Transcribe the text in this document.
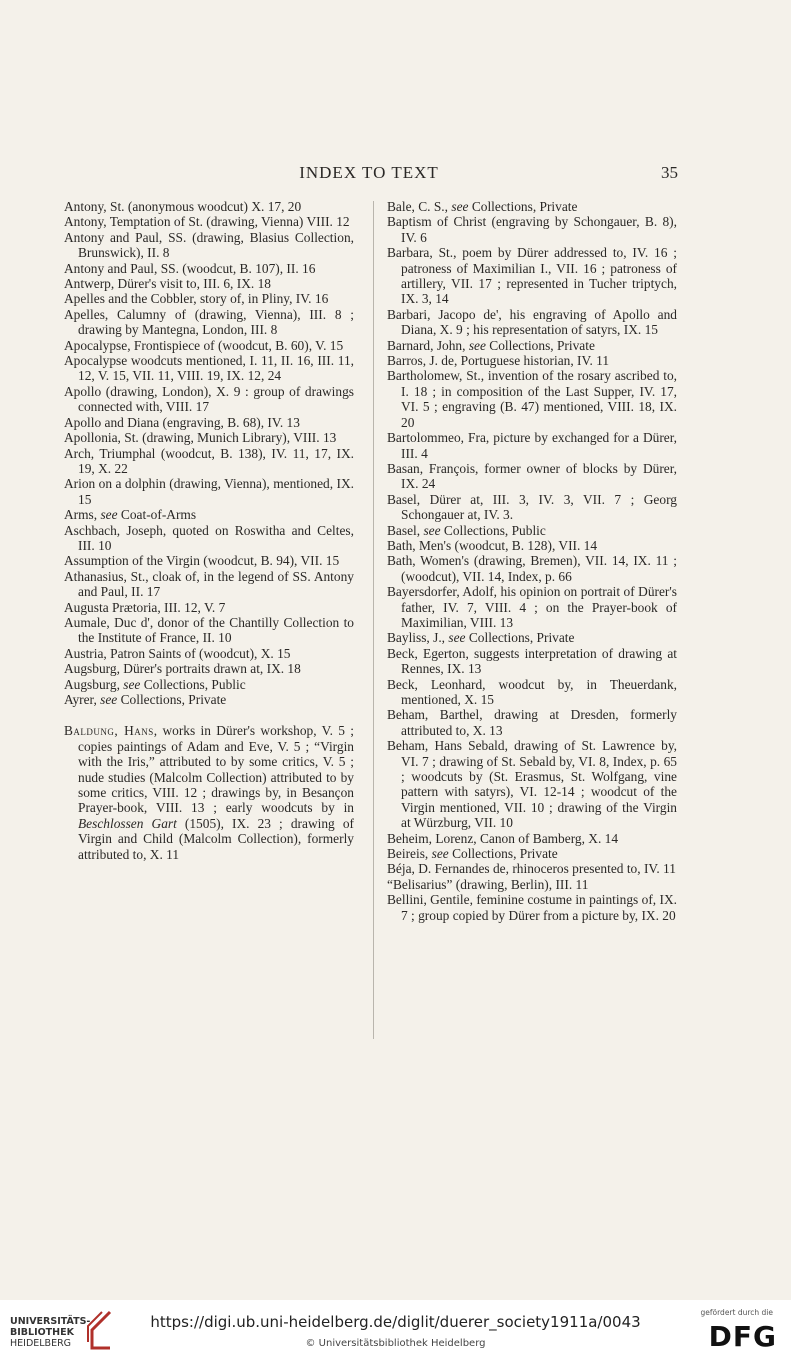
INDEX TO TEXT	35
Antony, St. (anonymous woodcut) X. 17, 20
Antony, Temptation of St. (drawing, Vienna) VIII. 12
Antony and Paul, SS. (drawing, Blasius Collection, Brunswick), II. 8
Antony and Paul, SS. (woodcut, B. 107), II. 16
Antwerp, Dürer's visit to, III. 6, IX. 18
Apelles and the Cobbler, story of, in Pliny, IV. 16
Apelles, Calumny of (drawing, Vienna), III. 8 ; drawing by Mantegna, London, III. 8
Apocalypse, Frontispiece of (woodcut, B. 60), V. 15
Apocalypse woodcuts mentioned, I. 11, II. 16, III. 11, 12, V. 15, VII. 11, VIII. 19, IX. 12, 24
Apollo (drawing, London), X. 9 : group of drawings connected with, VIII. 17
Apollo and Diana (engraving, B. 68), IV. 13
Apollonia, St. (drawing, Munich Library), VIII. 13
Arch, Triumphal (woodcut, B. 138), IV. 11, 17, IX. 19, X. 22
Arion on a dolphin (drawing, Vienna), mentioned, IX. 15
Arms, see Coat-of-Arms
Aschbach, Joseph, quoted on Roswitha and Celtes, III. 10
Assumption of the Virgin (woodcut, B. 94), VII. 15
Athanasius, St., cloak of, in the legend of SS. Antony and Paul, II. 17
Augusta Prætoria, III. 12, V. 7
Aumale, Duc d', donor of the Chantilly Collection to the Institute of France, II. 10
Austria, Patron Saints of (woodcut), X. 15
Augsburg, Dürer's portraits drawn at, IX. 18
Augsburg, see Collections, Public
Ayrer, see Collections, Private
Baldung, Hans, works in Dürer's workshop, V. 5 ; copies paintings of Adam and Eve, V. 5 ; “Virgin with the Iris,” attributed to by some critics, V. 5 ; nude studies (Malcolm Collection) attributed to by some critics, VIII. 12 ; drawings by, in Besançon Prayer-book, VIII. 13 ; early woodcuts by in Beschlossen Gart (1505), IX. 23 ; drawing of Virgin and Child (Malcolm Collection), formerly attributed to, X. 11
Bale, C. S., see Collections, Private
Baptism of Christ (engraving by Schongauer, B. 8), IV. 6
Barbara, St., poem by Dürer addressed to, IV. 16 ; patroness of Maximilian I., VII. 16 ; patroness of artillery, VII. 17 ; represented in Tucher triptych, IX. 3, 14
Barbari, Jacopo de', his engraving of Apollo and Diana, X. 9 ; his representation of satyrs, IX. 15
Barnard, John, see Collections, Private
Barros, J. de, Portuguese historian, IV. 11
Bartholomew, St., invention of the rosary ascribed to, I. 18 ; in composition of the Last Supper, IV. 17, VI. 5 ; engraving (B. 47) mentioned, VIII. 18, IX. 20
Bartolommeo, Fra, picture by exchanged for a Dürer, III. 4
Basan, François, former owner of blocks by Dürer, IX. 24
Basel, Dürer at, III. 3, IV. 3, VII. 7 ; Georg Schongauer at, IV. 3.
Basel, see Collections, Public
Bath, Men's (woodcut, B. 128), VII. 14
Bath, Women's (drawing, Bremen), VII. 14, IX. 11 ; (woodcut), VII. 14, Index, p. 66
Bayersdorfer, Adolf, his opinion on portrait of Dürer's father, IV. 7, VIII. 4 ; on the Prayer-book of Maximilian, VIII. 13
Bayliss, J., see Collections, Private
Beck, Egerton, suggests interpretation of drawing at Rennes, IX. 13
Beck, Leonhard, woodcut by, in Theuerdank, mentioned, X. 15
Beham, Barthel, drawing at Dresden, formerly attributed to, X. 13
Beham, Hans Sebald, drawing of St. Lawrence by, VI. 7 ; drawing of St. Sebald by, VI. 8, Index, p. 65 ; woodcuts by (St. Erasmus, St. Wolfgang, vine pattern with satyrs), VI. 12-14 ; woodcut of the Virgin mentioned, VII. 10 ; drawing of the Virgin at Würzburg, VII. 10
Beheim, Lorenz, Canon of Bamberg, X. 14
Beireis, see Collections, Private
Béja, D. Fernandes de, rhinoceros presented to, IV. 11
“Belisarius” (drawing, Berlin), III. 11
Bellini, Gentile, feminine costume in paintings of, IX. 7 ; group copied by Dürer from a picture by, IX. 20
UNIVERSITÄTS-
BIBLIOTHEK
HEIDELBERG
https://digi.ub.uni-heidelberg.de/diglit/duerer_society1911a/0043
© Universitätsbibliothek Heidelberg
gefördert durch die
DFG
